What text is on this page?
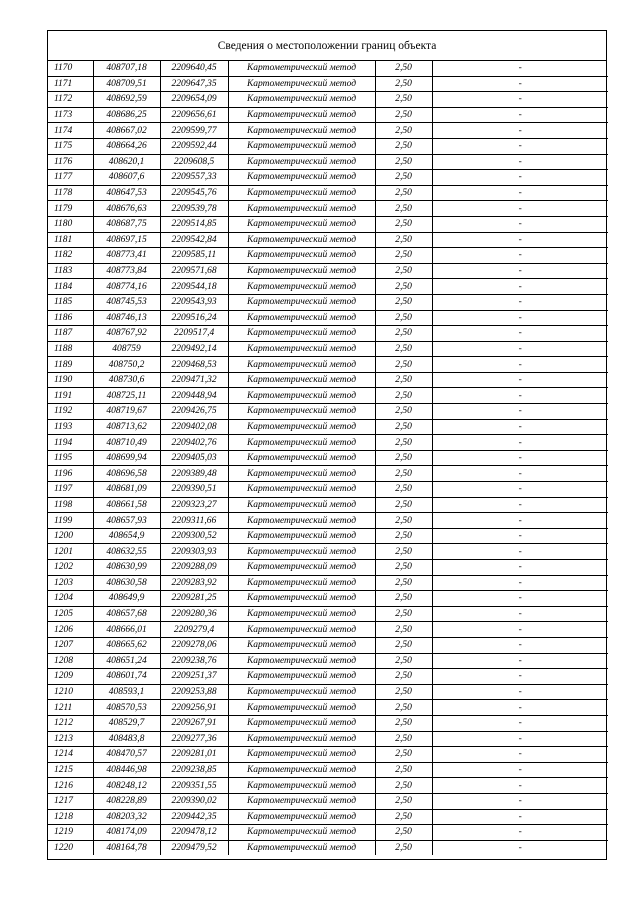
Сведения о местоположении границ объекта
1170	408707,18	2209640,45	Картометрический метод	2,50	-
1171	408709,51	2209647,35	Картометрический метод	2,50	-
1172	408692,59	2209654,09	Картометрический метод	2,50	-
1173	408686,25	2209656,61	Картометрический метод	2,50	-
1174	408667,02	2209599,77	Картометрический метод	2,50	-
1175	408664,26	2209592,44	Картометрический метод	2,50	-
1176	408620,1	2209608,5	Картометрический метод	2,50	-
1177	408607,6	2209557,33	Картометрический метод	2,50	-
1178	408647,53	2209545,76	Картометрический метод	2,50	-
1179	408676,63	2209539,78	Картометрический метод	2,50	-
1180	408687,75	2209514,85	Картометрический метод	2,50	-
1181	408697,15	2209542,84	Картометрический метод	2,50	-
1182	408773,41	2209585,11	Картометрический метод	2,50	-
1183	408773,84	2209571,68	Картометрический метод	2,50	-
1184	408774,16	2209544,18	Картометрический метод	2,50	-
1185	408745,53	2209543,93	Картометрический метод	2,50	-
1186	408746,13	2209516,24	Картометрический метод	2,50	-
1187	408767,92	2209517,4	Картометрический метод	2,50	-
1188	408759	2209492,14	Картометрический метод	2,50	-
1189	408750,2	2209468,53	Картометрический метод	2,50	-
1190	408730,6	2209471,32	Картометрический метод	2,50	-
1191	408725,11	2209448,94	Картометрический метод	2,50	-
1192	408719,67	2209426,75	Картометрический метод	2,50	-
1193	408713,62	2209402,08	Картометрический метод	2,50	-
1194	408710,49	2209402,76	Картометрический метод	2,50	-
1195	408699,94	2209405,03	Картометрический метод	2,50	-
1196	408696,58	2209389,48	Картометрический метод	2,50	-
1197	408681,09	2209390,51	Картометрический метод	2,50	-
1198	408661,58	2209323,27	Картометрический метод	2,50	-
1199	408657,93	2209311,66	Картометрический метод	2,50	-
1200	408654,9	2209300,52	Картометрический метод	2,50	-
1201	408632,55	2209303,93	Картометрический метод	2,50	-
1202	408630,99	2209288,09	Картометрический метод	2,50	-
1203	408630,58	2209283,92	Картометрический метод	2,50	-
1204	408649,9	2209281,25	Картометрический метод	2,50	-
1205	408657,68	2209280,36	Картометрический метод	2,50	-
1206	408666,01	2209279,4	Картометрический метод	2,50	-
1207	408665,62	2209278,06	Картометрический метод	2,50	-
1208	408651,24	2209238,76	Картометрический метод	2,50	-
1209	408601,74	2209251,37	Картометрический метод	2,50	-
1210	408593,1	2209253,88	Картометрический метод	2,50	-
1211	408570,53	2209256,91	Картометрический метод	2,50	-
1212	408529,7	2209267,91	Картометрический метод	2,50	-
1213	408483,8	2209277,36	Картометрический метод	2,50	-
1214	408470,57	2209281,01	Картометрический метод	2,50	-
1215	408446,98	2209238,85	Картометрический метод	2,50	-
1216	408248,12	2209351,55	Картометрический метод	2,50	-
1217	408228,89	2209390,02	Картометрический метод	2,50	-
1218	408203,32	2209442,35	Картометрический метод	2,50	-
1219	408174,09	2209478,12	Картометрический метод	2,50	-
1220	408164,78	2209479,52	Картометрический метод	2,50	-
